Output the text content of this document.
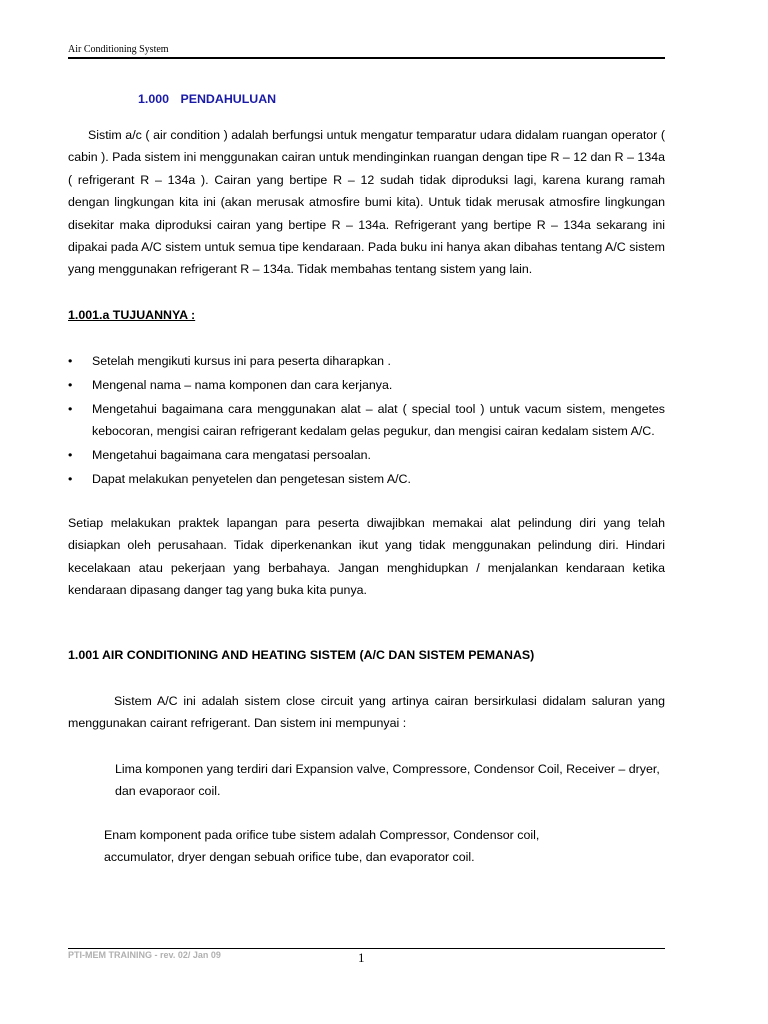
Air Conditioning System
1.000 PENDAHULUAN
Sistim a/c ( air condition ) adalah berfungsi untuk mengatur temparatur udara didalam ruangan operator ( cabin ). Pada sistem ini menggunakan cairan untuk mendinginkan ruangan dengan tipe R – 12 dan R – 134a ( refrigerant R – 134a ). Cairan yang bertipe R – 12 sudah tidak diproduksi lagi, karena kurang ramah dengan lingkungan kita ini (akan merusak atmosfire bumi kita). Untuk tidak merusak atmosfire lingkungan disekitar maka diproduksi cairan yang bertipe R – 134a. Refrigerant yang bertipe R – 134a sekarang ini dipakai pada A/C sistem untuk semua tipe kendaraan. Pada buku ini hanya akan dibahas tentang A/C sistem yang menggunakan refrigerant R – 134a. Tidak membahas tentang sistem yang lain.
1.001.a TUJUANNYA :
• Setelah mengikuti kursus ini para peserta diharapkan .
• Mengenal nama – nama komponen dan cara kerjanya.
• Mengetahui bagaimana cara menggunakan alat – alat ( special tool ) untuk vacum sistem, mengetes kebocoran, mengisi cairan refrigerant kedalam gelas pegukur, dan mengisi cairan kedalam sistem A/C.
• Mengetahui bagaimana cara mengatasi persoalan.
• Dapat melakukan penyetelen dan pengetesan sistem A/C.
Setiap melakukan praktek lapangan para peserta diwajibkan memakai alat pelindung diri yang telah disiapkan oleh perusahaan. Tidak diperkenankan ikut yang tidak menggunakan pelindung diri. Hindari kecelakaan atau pekerjaan yang berbahaya. Jangan menghidupkan / menjalankan kendaraan ketika kendaraan dipasang danger tag yang buka kita punya.
1.001 AIR CONDITIONING AND HEATING SISTEM (A/C DAN SISTEM PEMANAS)
Sistem A/C ini adalah sistem close circuit yang artinya cairan bersirkulasi didalam saluran yang menggunakan cairant refrigerant. Dan sistem ini mempunyai :
Lima komponen yang terdiri dari Expansion valve, Compressore, Condensor Coil, Receiver – dryer, dan evaporaor coil.
Enam komponent pada orifice tube sistem adalah Compressor, Condensor coil,
accumulator, dryer dengan sebuah orifice tube, dan evaporator coil.
PTI-MEM TRAINING - rev. 02/ Jan 09	1
